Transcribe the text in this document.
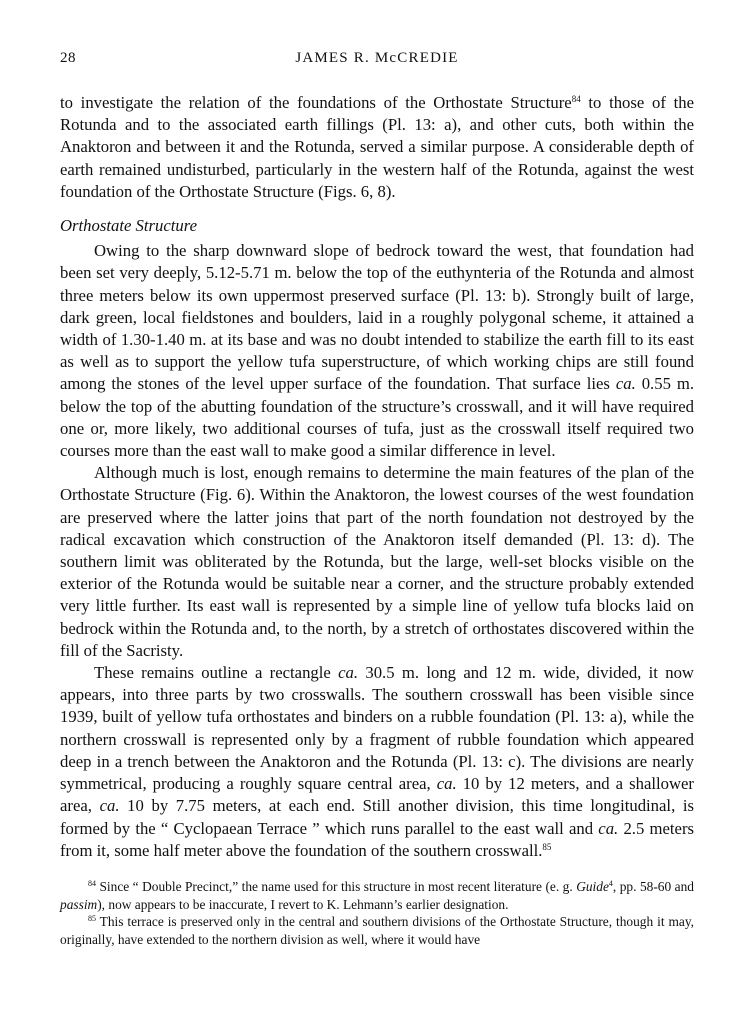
28	JAMES R. McCREDIE

to investigate the relation of the foundations of the Orthostate Structure$^{84}$ to those of the Rotunda and to the associated earth fillings (Pl. 13: a), and other cuts, both within the Anaktoron and between it and the Rotunda, served a similar purpose. A considerable depth of earth remained undisturbed, particularly in the western half of the Rotunda, against the west foundation of the Orthostate Structure (Figs. 6, 8).

Orthostate Structure

Owing to the sharp downward slope of bedrock toward the west, that foundation had been set very deeply, 5.12-5.71 m. below the top of the euthynteria of the Rotunda and almost three meters below its own uppermost preserved surface (Pl. 13: b). Strongly built of large, dark green, local fieldstones and boulders, laid in a roughly polygonal scheme, it attained a width of 1.30-1.40 m. at its base and was no doubt intended to stabilize the earth fill to its east as well as to support the yellow tufa superstructure, of which working chips are still found among the stones of the level upper surface of the foundation. That surface lies ca. 0.55 m. below the top of the abutting foundation of the structure’s crosswall, and it will have required one or, more likely, two additional courses of tufa, just as the crosswall itself required two courses more than the east wall to make good a similar difference in level.

Although much is lost, enough remains to determine the main features of the plan of the Orthostate Structure (Fig. 6). Within the Anaktoron, the lowest courses of the west foundation are preserved where the latter joins that part of the north foundation not destroyed by the radical excavation which construction of the Anaktoron itself demanded (Pl. 13: d). The southern limit was obliterated by the Rotunda, but the large, well-set blocks visible on the exterior of the Rotunda would be suitable near a corner, and the structure probably extended very little further. Its east wall is represented by a simple line of yellow tufa blocks laid on bedrock within the Rotunda and, to the north, by a stretch of orthostates discovered within the fill of the Sacristy.

These remains outline a rectangle ca. 30.5 m. long and 12 m. wide, divided, it now appears, into three parts by two crosswalls. The southern crosswall has been visible since 1939, built of yellow tufa orthostates and binders on a rubble foundation (Pl. 13: a), while the northern crosswall is represented only by a fragment of rubble foundation which appeared deep in a trench between the Anaktoron and the Rotunda (Pl. 13: c). The divisions are nearly symmetrical, producing a roughly square central area, ca. 10 by 12 meters, and a shallower area, ca. 10 by 7.75 meters, at each end. Still another division, this time longitudinal, is formed by the “ Cyclopaean Terrace ” which runs parallel to the east wall and ca. 2.5 meters from it, some half meter above the foundation of the southern crosswall.$^{85}$

$^{84}$ Since “ Double Precinct,” the name used for this structure in most recent literature (e. g. Guide$^4$, pp. 58-60 and passim), now appears to be inaccurate, I revert to K. Lehmann’s earlier designation.

$^{85}$ This terrace is preserved only in the central and southern divisions of the Orthostate Structure, though it may, originally, have extended to the northern division as well, where it would have
